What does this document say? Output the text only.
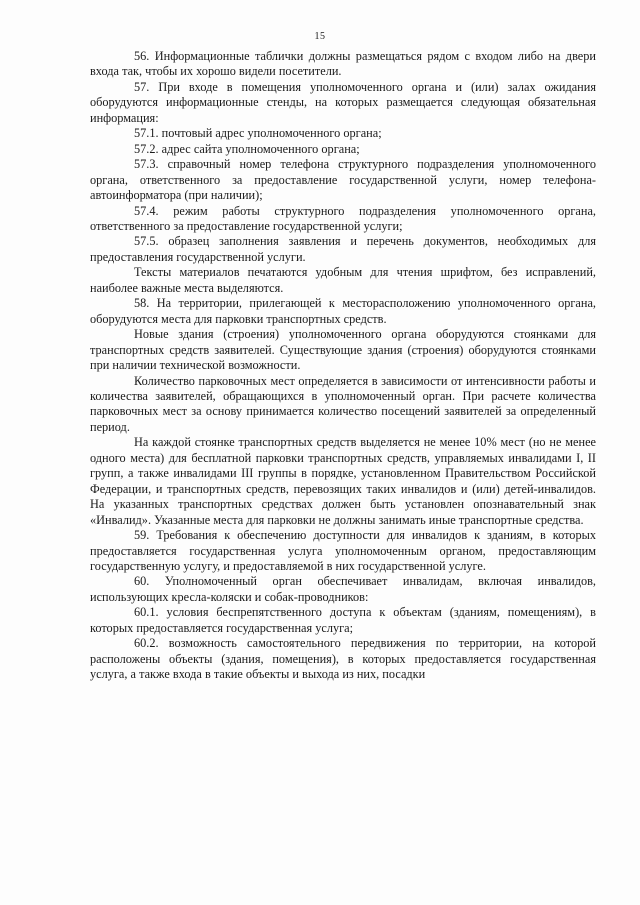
15

56. Информационные таблички должны размещаться рядом с входом либо на двери входа так, чтобы их хорошо видели посетители.

57. При входе в помещения уполномоченного органа и (или) залах ожидания оборудуются информационные стенды, на которых размещается следующая обязательная информация:

57.1. почтовый адрес уполномоченного органа;

57.2. адрес сайта уполномоченного органа;

57.3. справочный номер телефона структурного подразделения уполномоченного органа, ответственного за предоставление государственной услуги, номер телефона-автоинформатора (при наличии);

57.4. режим работы структурного подразделения уполномоченного органа, ответственного за предоставление государственной услуги;

57.5. образец заполнения заявления и перечень документов, необходимых для предоставления государственной услуги.

Тексты материалов печатаются удобным для чтения шрифтом, без исправлений, наиболее важные места выделяются.

58. На территории, прилегающей к месторасположению уполномоченного органа, оборудуются места для парковки транспортных средств.

Новые здания (строения) уполномоченного органа оборудуются стоянками для транспортных средств заявителей. Существующие здания (строения) оборудуются стоянками при наличии технической возможности.

Количество парковочных мест определяется в зависимости от интенсивности работы и количества заявителей, обращающихся в уполномоченный орган. При расчете количества парковочных мест за основу принимается количество посещений заявителей за определенный период.

На каждой стоянке транспортных средств выделяется не менее 10% мест (но не менее одного места) для бесплатной парковки транспортных средств, управляемых инвалидами I, II групп, а также инвалидами III группы в порядке, установленном Правительством Российской Федерации, и транспортных средств, перевозящих таких инвалидов и (или) детей-инвалидов. На указанных транспортных средствах должен быть установлен опознавательный знак «Инвалид». Указанные места для парковки не должны занимать иные транспортные средства.

59. Требования к обеспечению доступности для инвалидов к зданиям, в которых предоставляется государственная услуга уполномоченным органом, предоставляющим государственную услугу, и предоставляемой в них государственной услуге.

60. Уполномоченный орган обеспечивает инвалидам, включая инвалидов, использующих кресла-коляски и собак-проводников:

60.1. условия беспрепятственного доступа к объектам (зданиям, помещениям), в которых предоставляется государственная услуга;

60.2. возможность самостоятельного передвижения по территории, на которой расположены объекты (здания, помещения), в которых предоставляется государственная услуга, а также входа в такие объекты и выхода из них, посадки
